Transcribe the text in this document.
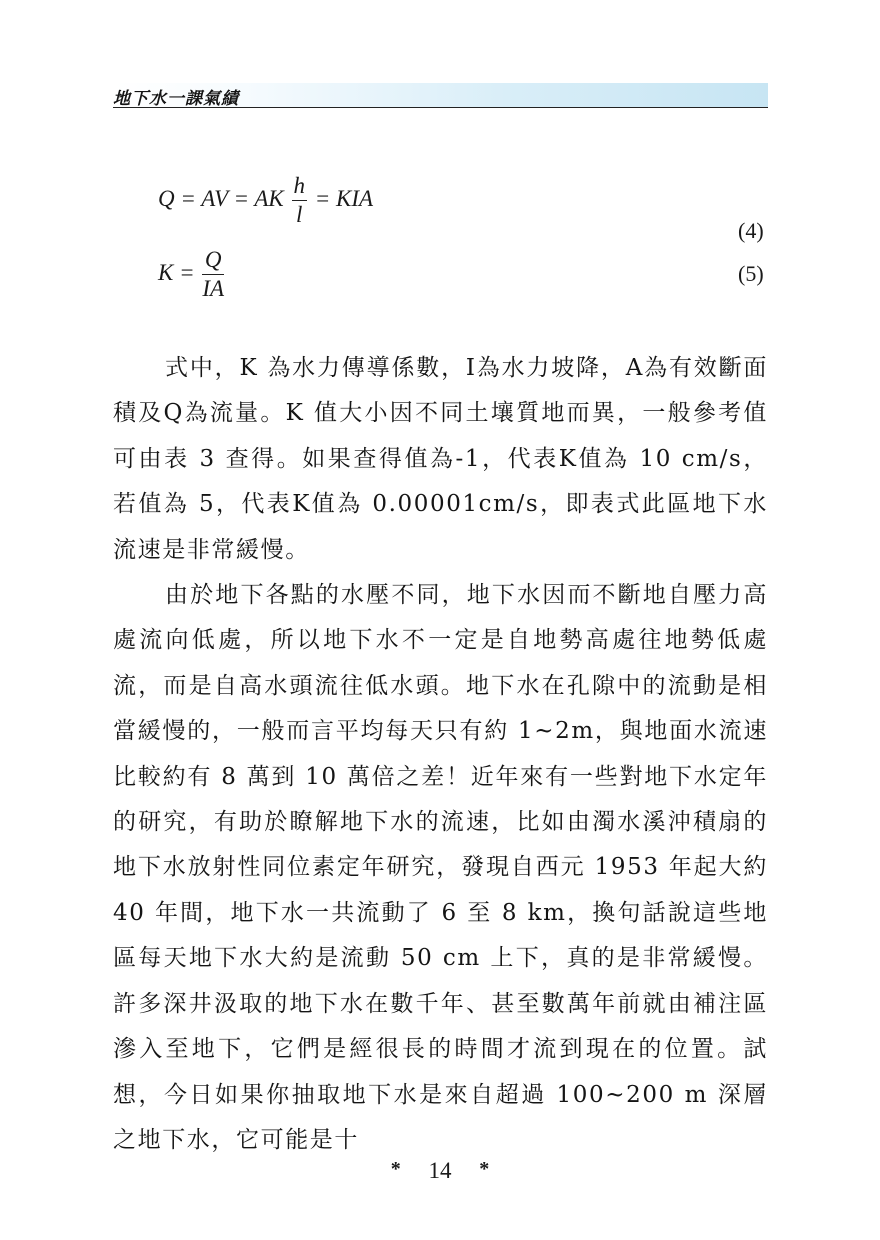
地下水一課氣績
Q = AV = AK $\frac{h}{l}$ = KIA
(4)
$K = \frac{Q}{IA}$	(5)

式中，K 為水力傳導係數，I為水力坡降，A為有效斷面積及Q為流量。K 值大小因不同土壤質地而異，一般參考值可由表 3 查得。如果查得值為-1，代表K值為 10 cm/s，若值為 5，代表K值為 0.00001cm/s，即表式此區地下水流速是非常緩慢。

由於地下各點的水壓不同，地下水因而不斷地自壓力高處流向低處，所以地下水不一定是自地勢高處往地勢低處流，而是自高水頭流往低水頭。地下水在孔隙中的流動是相當緩慢的，一般而言平均每天只有約 1~2m，與地面水流速比較約有 8 萬到 10 萬倍之差！近年來有一些對地下水定年的研究，有助於瞭解地下水的流速，比如由濁水溪沖積扇的地下水放射性同位素定年研究，發現自西元 1953 年起大約 40 年間，地下水一共流動了 6 至 8 km，換句話說這些地區每天地下水大約是流動 50 cm 上下，真的是非常緩慢。許多深井汲取的地下水在數千年、甚至數萬年前就由補注區滲入至地下，它們是經很長的時間才流到現在的位置。試想，今日如果你抽取地下水是來自超過 100~200 m 深層之地下水，它可能是十

* 14 *
